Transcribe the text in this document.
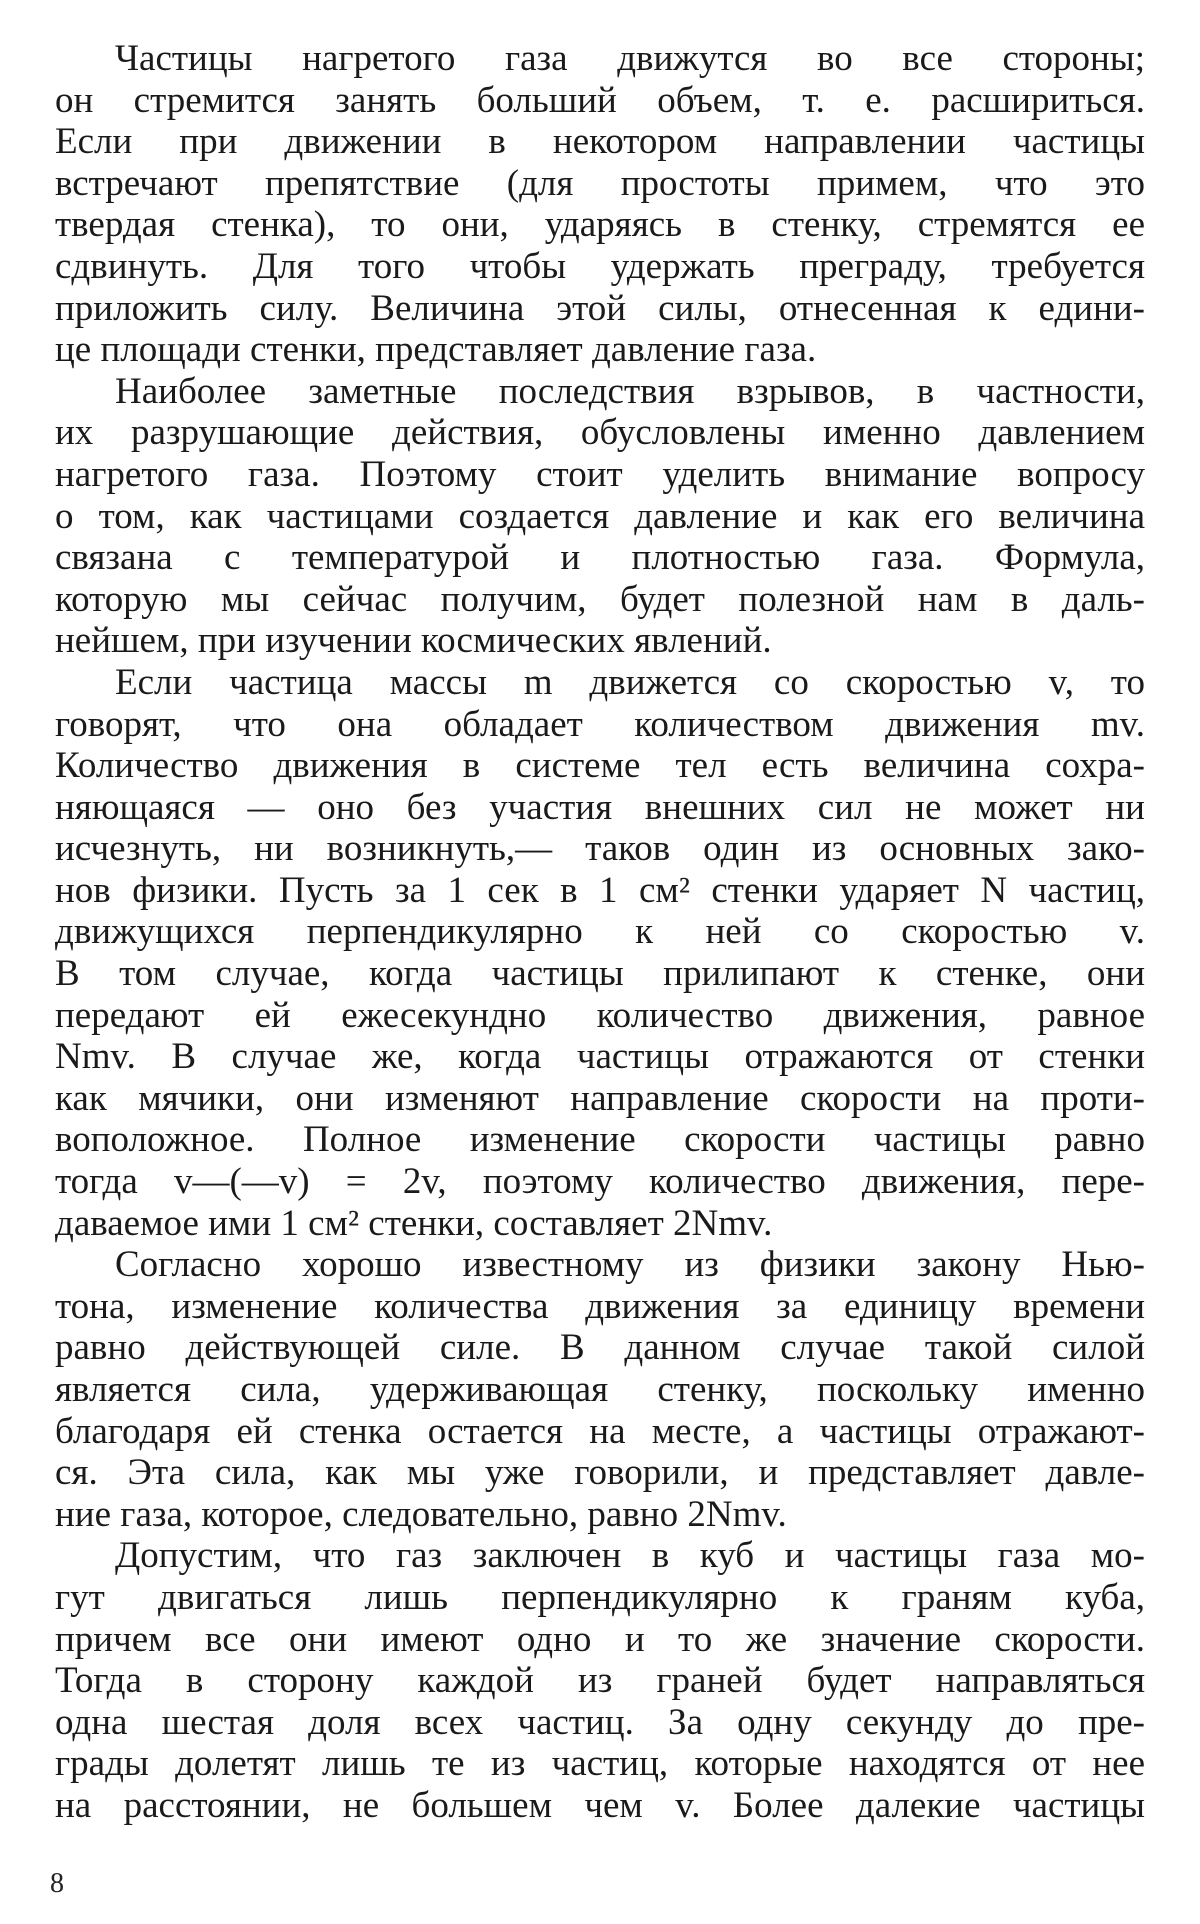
Частицы нагретого газа движутся во все стороны;
он стремится занять больший объем, т. е. расшириться.
Если при движении в некотором направлении частицы
встречают препятствие (для простоты примем, что это
твердая стенка), то они, ударяясь в стенку, стремятся ее
сдвинуть. Для того чтобы удержать преграду, требуется
приложить силу. Величина этой силы, отнесенная к едини-
це площади стенки, представляет давление газа.
Наиболее заметные последствия взрывов, в частности,
их разрушающие действия, обусловлены именно давлением
нагретого газа. Поэтому стоит уделить внимание вопросу
о том, как частицами создается давление и как его величина
связана с температурой и плотностью газа. Формула,
которую мы сейчас получим, будет полезной нам в даль-
нейшем, при изучении космических явлений.
Если частица массы m движется со скоростью v, то
говорят, что она обладает количеством движения mv.
Количество движения в системе тел есть величина сохра-
няющаяся — оно без участия внешних сил не может ни
исчезнуть, ни возникнуть,— таков один из основных зако-
нов физики. Пусть за 1 сек в 1 см² стенки ударяет N частиц,
движущихся перпендикулярно к ней со скоростью v.
В том случае, когда частицы прилипают к стенке, они
передают ей ежесекундно количество движения, равное
Nmv. В случае же, когда частицы отражаются от стенки
как мячики, они изменяют направление скорости на проти-
воположное. Полное изменение скорости частицы равно
тогда v—(—v) = 2v, поэтому количество движения, пере-
даваемое ими 1 см² стенки, составляет 2Nmv.
Согласно хорошо известному из физики закону Нью-
тона, изменение количества движения за единицу времени
равно действующей силе. В данном случае такой силой
является сила, удерживающая стенку, поскольку именно
благодаря ей стенка остается на месте, а частицы отражают-
ся. Эта сила, как мы уже говорили, и представляет давле-
ние газа, которое, следовательно, равно 2Nmv.
Допустим, что газ заключен в куб и частицы газа мо-
гут двигаться лишь перпендикулярно к граням куба,
причем все они имеют одно и то же значение скорости.
Тогда в сторону каждой из граней будет направляться
одна шестая доля всех частиц. За одну секунду до пре-
грады долетят лишь те из частиц, которые находятся от нее
на расстоянии, не большем чем v. Более далекие частицы
8
